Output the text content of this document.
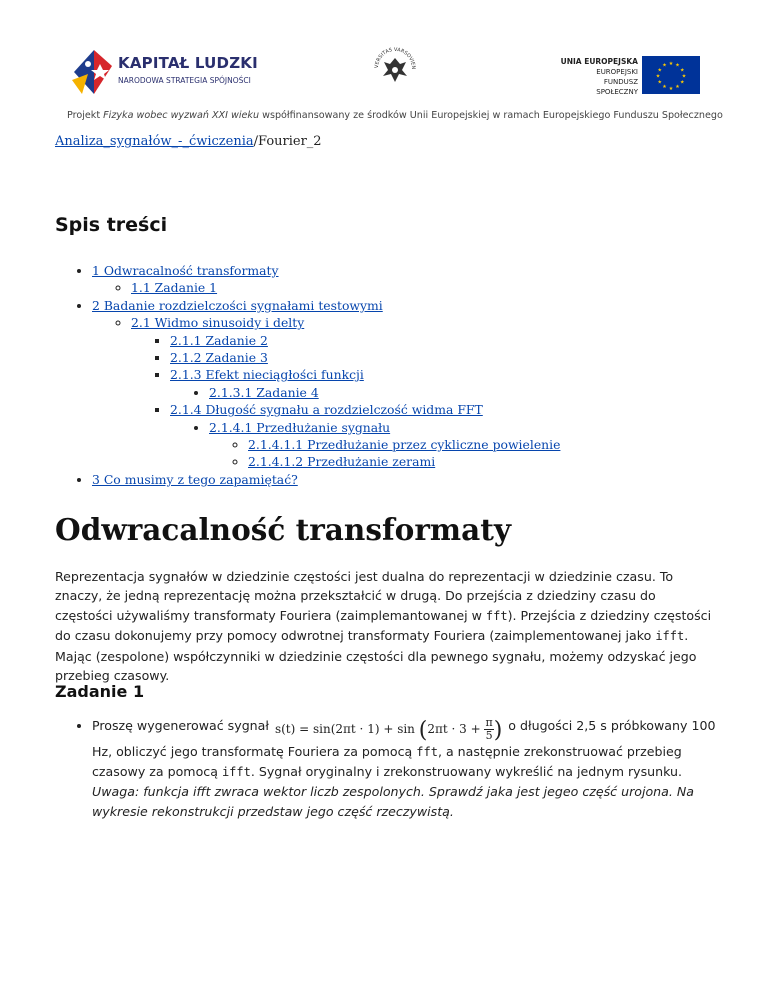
KAPITAŁ LUDZKI
NARODOWA STRATEGIA SPÓJNOŚCI
VERSITAS VARSOVIEN
UNIA EUROPEJSKA
EUROPEJSKI
FUNDUSZ SPOŁECZNY
★ ★
★
★
★
★
★
★
★
★
★
★
Projekt Fizyka wobec wyzwań XXI wieku współfinansowany ze środków Unii Europejskiej w ramach Europejskiego Funduszu Społecznego
Analiza_sygnałów_-_ćwiczenia/Fourier_2
Spis treści
• 1 Odwracalność transformaty
◦ 1.1 Zadanie 1
• 2 Badanie rozdzielczości sygnałami testowymi
◦ 2.1 Widmo sinusoidy i delty
▪ 2.1.1 Zadanie 2
▪ 2.1.2 Zadanie 3
▪ 2.1.3 Efekt nieciągłości funkcji
• 2.1.3.1 Zadanie 4
▪ 2.1.4 Długość sygnału a rozdzielczość widma FFT
• 2.1.4.1 Przedłużanie sygnału
◦ 2.1.4.1.1 Przedłużanie przez cykliczne powielenie
◦ 2.1.4.1.2 Przedłużanie zerami
• 3 Co musimy z tego zapamiętać?
Odwracalność transformaty

Reprezentacja sygnałów w dziedzinie częstości jest dualna do reprezentacji w dziedzinie czasu. To znaczy, że jedną reprezentację można przekształcić w drugą. Do przejścia z dziedziny czasu do częstości używaliśmy transformaty Fouriera (zaimplemantowanej w fft). Przejścia z dziedziny częstości do czasu dokonujemy przy pomocy odwrotnej transformaty Fouriera (zaimplementowanej jako ifft. Mając (zespolone) współczynniki w dziedzinie częstości dla pewnego sygnału, możemy odzyskać jego przebieg czasowy.

Zadanie 1
• Proszę wygenerować sygnał $s(t) = \sin(2\pi t \cdot 1) + \sin (2\pi t \cdot 3 + \frac{\pi}{5}$ ) o długości 2,5 s próbkowany 100 Hz, obliczyć jego transformatę Fouriera za pomocą fft, a następnie zrekonstruować przebieg czasowy za pomocą ifft. Sygnał oryginalny i zrekonstruowany wykreślić na jednym rysunku. Uwaga: funkcja ifft zwraca wektor liczb zespolonych. Sprawdź jaka jest jegeo część urojona. Na wykresie rekonstrukcji przedstaw jego część rzeczywistą.
